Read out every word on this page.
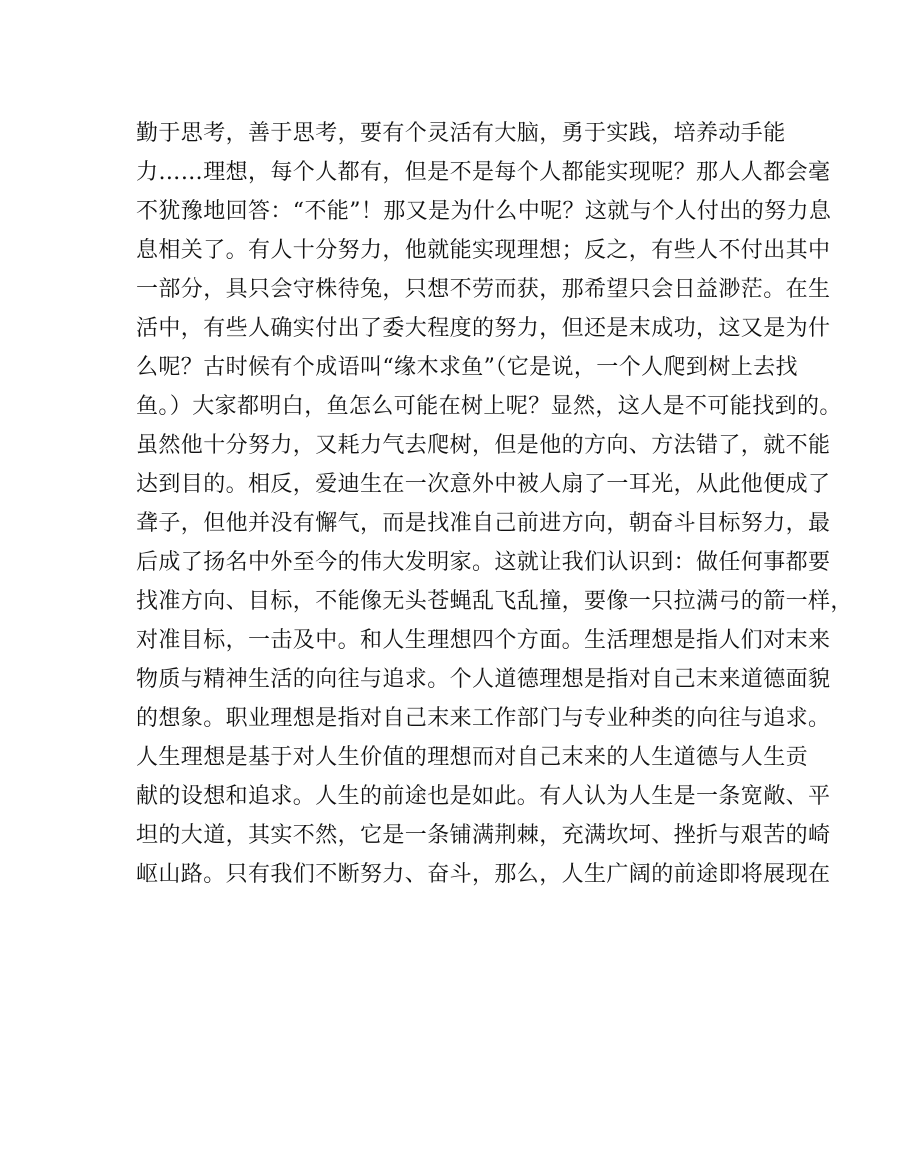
勤于思考，善于思考，要有个灵活有大脑，勇于实践，培养动手能
力……理想，每个人都有，但是不是每个人都能实现呢？那人人都会毫
不犹豫地回答：“不能”！那又是为什么中呢？这就与个人付出的努力息
息相关了。有人十分努力，他就能实现理想；反之，有些人不付出其中
一部分，具只会守株待兔，只想不劳而获，那希望只会日益渺茫。在生
活中，有些人确实付出了委大程度的努力，但还是末成功，这又是为什
么呢？古时候有个成语叫“缘木求鱼”（它是说，一个人爬到树上去找
鱼。）大家都明白，鱼怎么可能在树上呢？显然，这人是不可能找到的。
虽然他十分努力，又耗力气去爬树，但是他的方向、方法错了，就不能
达到目的。相反，爱迪生在一次意外中被人扇了一耳光，从此他便成了
聋子，但他并没有懈气，而是找准自己前进方向，朝奋斗目标努力，最
后成了扬名中外至今的伟大发明家。这就让我们认识到：做任何事都要
找准方向、目标，不能像无头苍蝇乱飞乱撞，要像一只拉满弓的箭一样，
对准目标，一击及中。和人生理想四个方面。生活理想是指人们对末来
物质与精神生活的向往与追求。个人道德理想是指对自己末来道德面貌
的想象。职业理想是指对自己末来工作部门与专业种类的向往与追求。
人生理想是基于对人生价值的理想而对自己末来的人生道德与人生贡
献的设想和追求。人生的前途也是如此。有人认为人生是一条宽敞、平
坦的大道，其实不然，它是一条铺满荆棘，充满坎坷、挫折与艰苦的崎
岖山路。只有我们不断努力、奋斗，那么，人生广阔的前途即将展现在
